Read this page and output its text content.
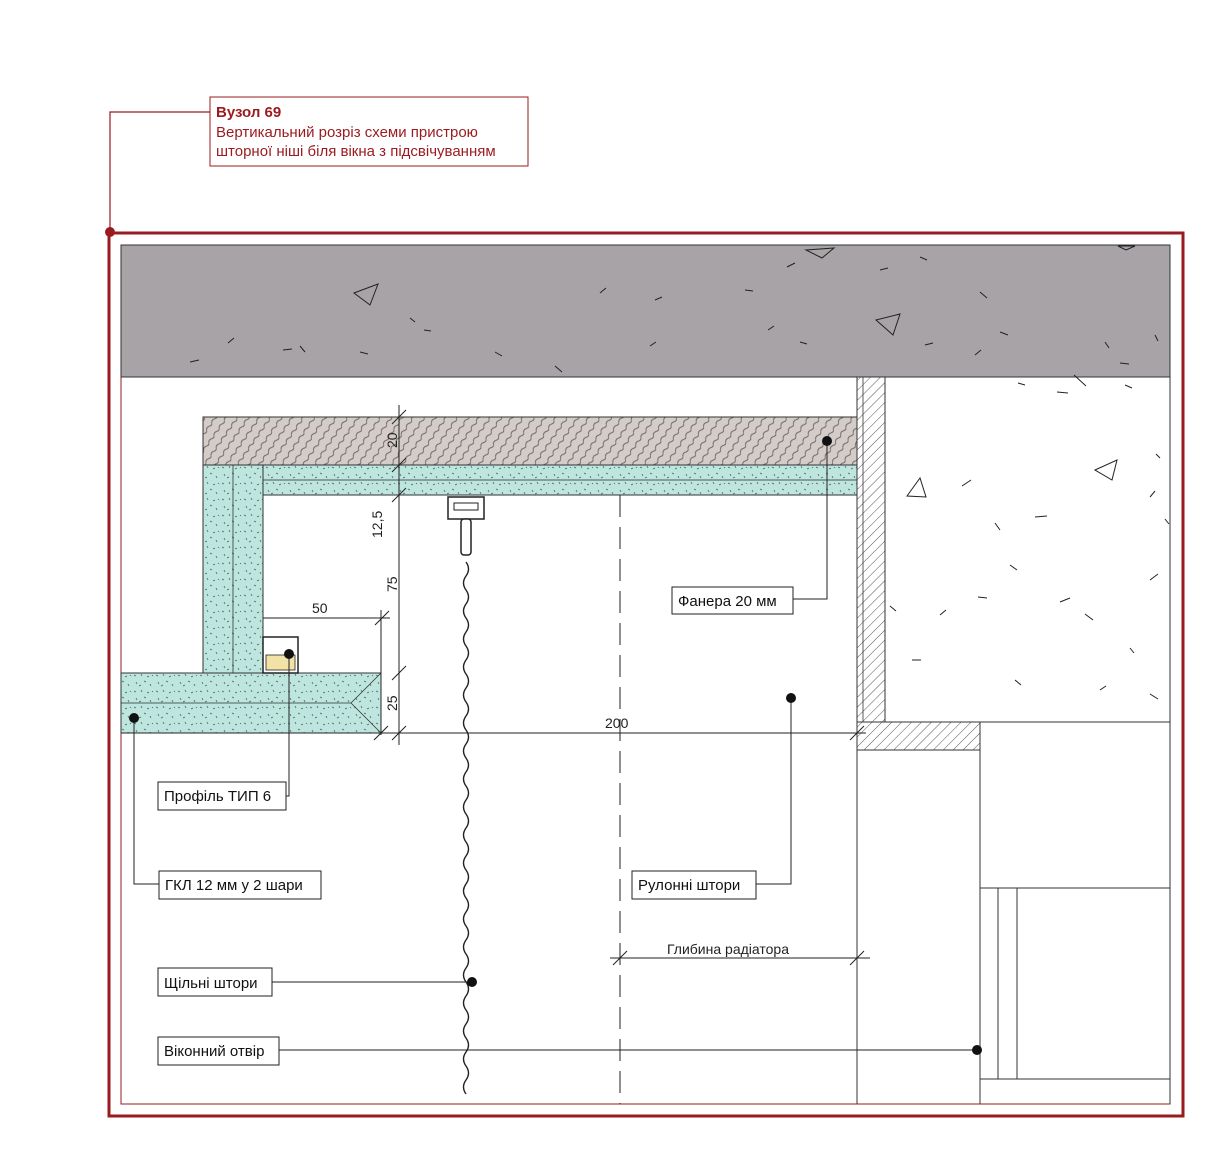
Вузол 69
Вертикальний розріз схеми пристрою
шторної ніші біля вікна з підсвічуванням
20
12,5
75
50
25
200
Глибина радіатора
Фанера 20 мм
Профіль ТИП 6
ГКЛ 12 мм у 2 шари	Рулонні штори
Щільні штори
Віконний отвір
